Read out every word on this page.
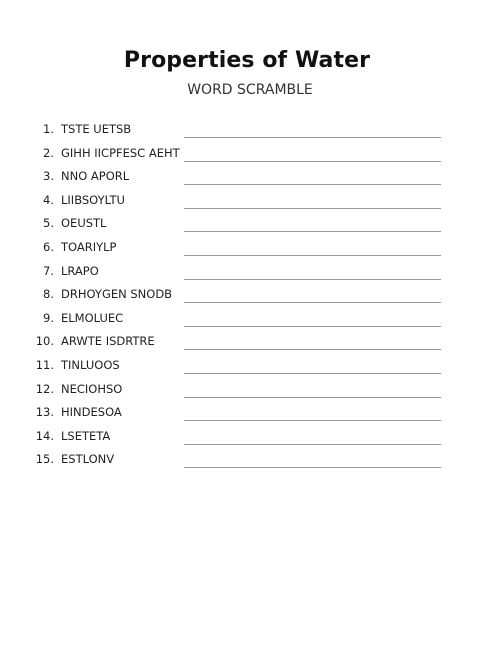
Properties of Water
WORD SCRAMBLE
1. TSTE UETSB
2. GIHH IICPFESC AEHT
3. NNO APORL
4. LIIBSOYLTU
5. OEUSTL
6. TOARIYLP
7. LRAPO
8. DRHOYGEN SNODB
9. ELMOLUEC
10. ARWTE ISDRTRE
11. TINLUOOS
12. NECIOHSO
13. HINDESOA
14. LSETETA
15. ESTLONV
